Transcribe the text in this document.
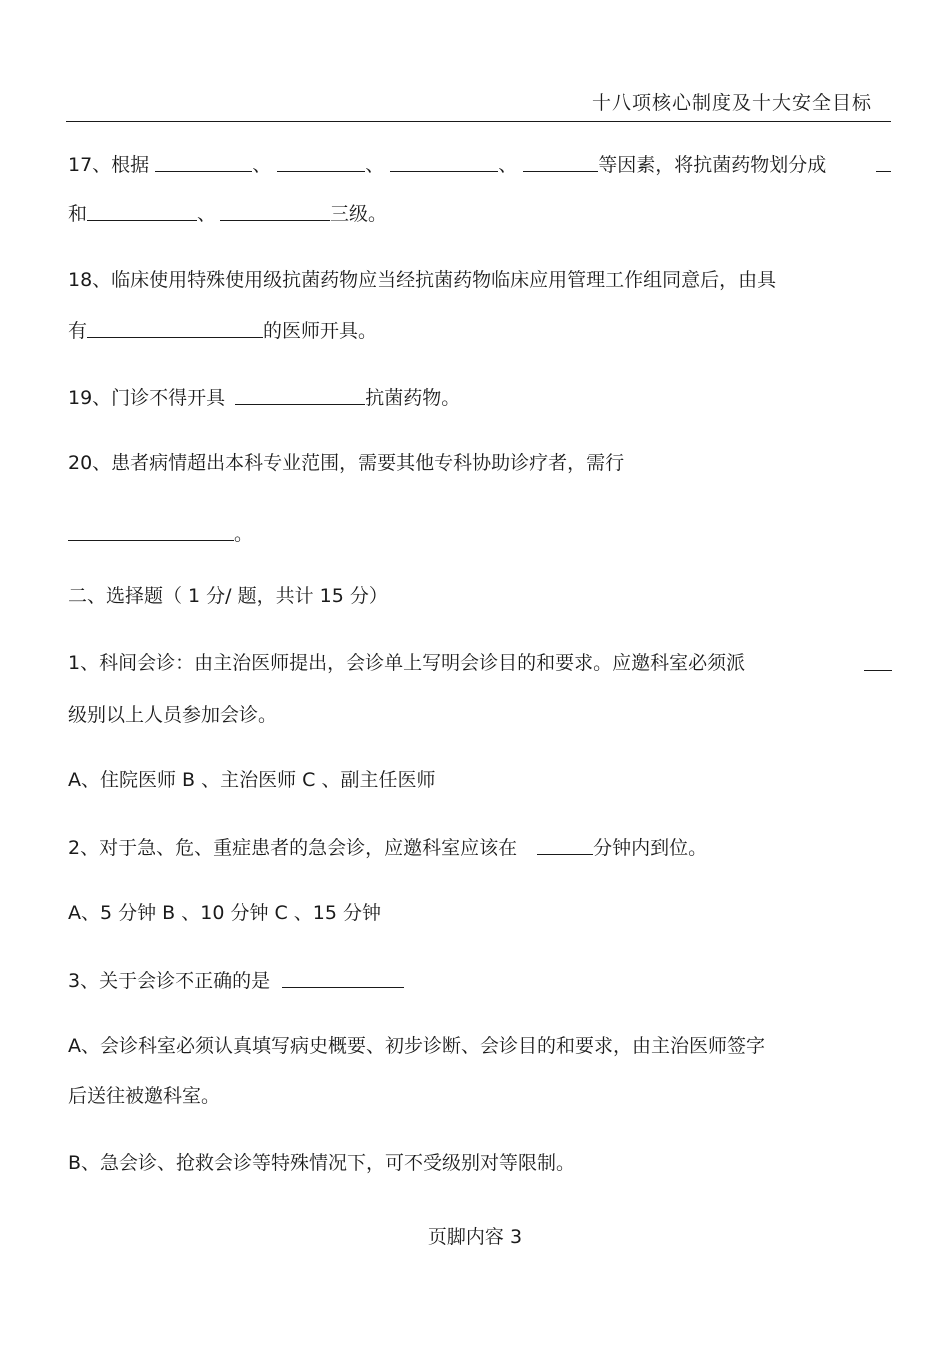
十八项核心制度及十大安全目标
17、根据	、	、	、	等因素，将抗菌药物划分成
和	、	三级。
18、临床使用特殊使用级抗菌药物应当经抗菌药物临床应用管理工作组同意后，由具
有	的医师开具。
19、门诊不得开具	抗菌药物。
20、患者病情超出本科专业范围，需要其他专科协助诊疗者，需行
。
二、选择题（ 1 分/ 题，共计 15 分）
1、科间会诊：由主治医师提出，会诊单上写明会诊目的和要求。应邀科室必须派
级别以上人员参加会诊。
A、住院医师 B 、主治医师 C 、副主任医师
2、对于急、危、重症患者的急会诊，应邀科室应该在	分钟内到位。
A、5 分钟 B 、10 分钟 C 、15 分钟
3、关于会诊不正确的是
A、会诊科室必须认真填写病史概要、初步诊断、会诊目的和要求，由主治医师签字
后送往被邀科室。
B、急会诊、抢救会诊等特殊情况下，可不受级别对等限制。
页脚内容 3
